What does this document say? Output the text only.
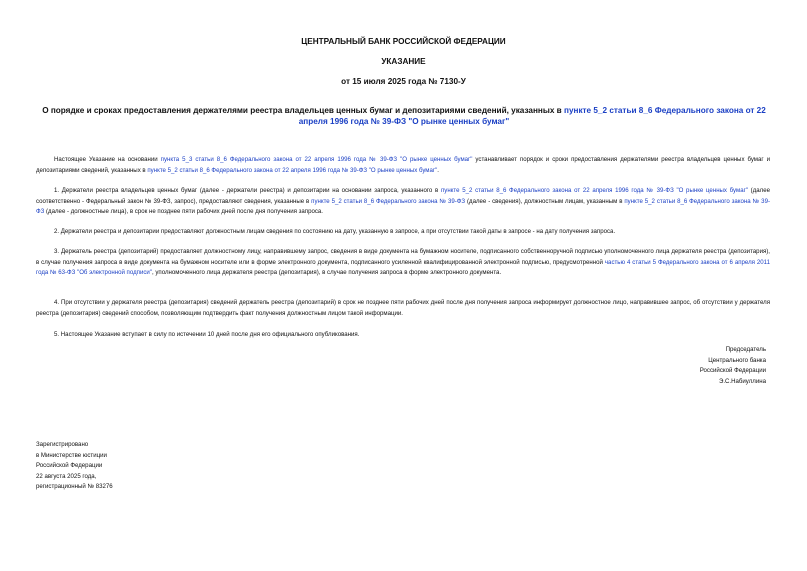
ЦЕНТРАЛЬНЫЙ БАНК РОССИЙСКОЙ ФЕДЕРАЦИИ
УКАЗАНИЕ
от 15 июля 2025 года № 7130-У
О порядке и сроках предоставления держателями реестра владельцев ценных бумаг и депозитариями сведений, указанных в пункте 5_2 статьи 8_6 Федерального закона от 22 апреля 1996 года № 39-ФЗ "О рынке ценных бумаг"
Настоящее Указание на основании пункта 5_3 статьи 8_6 Федерального закона от 22 апреля 1996 года № 39-ФЗ "О рынке ценных бумаг" устанавливает порядок и сроки предоставления держателями реестра владельцев ценных бумаг и депозитариями сведений, указанных в пункте 5_2 статьи 8_6 Федерального закона от 22 апреля 1996 года № 39-ФЗ "О рынке ценных бумаг".
1. Держатели реестра владельцев ценных бумаг (далее - держатели реестра) и депозитарии на основании запроса, указанного в пункте 5_2 статьи 8_6 Федерального закона от 22 апреля 1996 года № 39-ФЗ "О рынке ценных бумаг" (далее соответственно - Федеральный закон № 39-ФЗ, запрос), предоставляют сведения, указанные в пункте 5_2 статьи 8_6 Федерального закона № 39-ФЗ (далее - сведения), должностным лицам, указанным в пункте 5_2 статьи 8_6 Федерального закона № 39-ФЗ (далее - должностные лица), в срок не позднее пяти рабочих дней после дня получения запроса.
2. Держатели реестра и депозитарии предоставляют должностным лицам сведения по состоянию на дату, указанную в запросе, а при отсутствии такой даты в запросе - на дату получения запроса.
3. Держатель реестра (депозитарий) предоставляет должностному лицу, направившему запрос, сведения в виде документа на бумажном носителе, подписанного собственноручной подписью уполномоченного лица держателя реестра (депозитария), в случае получения запроса в виде документа на бумажном носителе или в форме электронного документа, подписанного усиленной квалифицированной электронной подписью, предусмотренной частью 4 статьи 5 Федерального закона от 6 апреля 2011 года № 63-ФЗ "Об электронной подписи", уполномоченного лица держателя реестра (депозитария), в случае получения запроса в форме электронного документа.
4. При отсутствии у держателя реестра (депозитария) сведений держатель реестра (депозитарий) в срок не позднее пяти рабочих дней после дня получения запроса информирует должностное лицо, направившее запрос, об отсутствии у держателя реестра (депозитария) сведений способом, позволяющим подтвердить факт получения должностным лицом такой информации.
5. Настоящее Указание вступает в силу по истечении 10 дней после дня его официального опубликования.
Председатель
Центрального банка
Российской Федерации
Э.С.Набиуллина
Зарегистрировано
в Министерстве юстиции
Российской Федерации
22 августа 2025 года,
регистрационный № 83276
